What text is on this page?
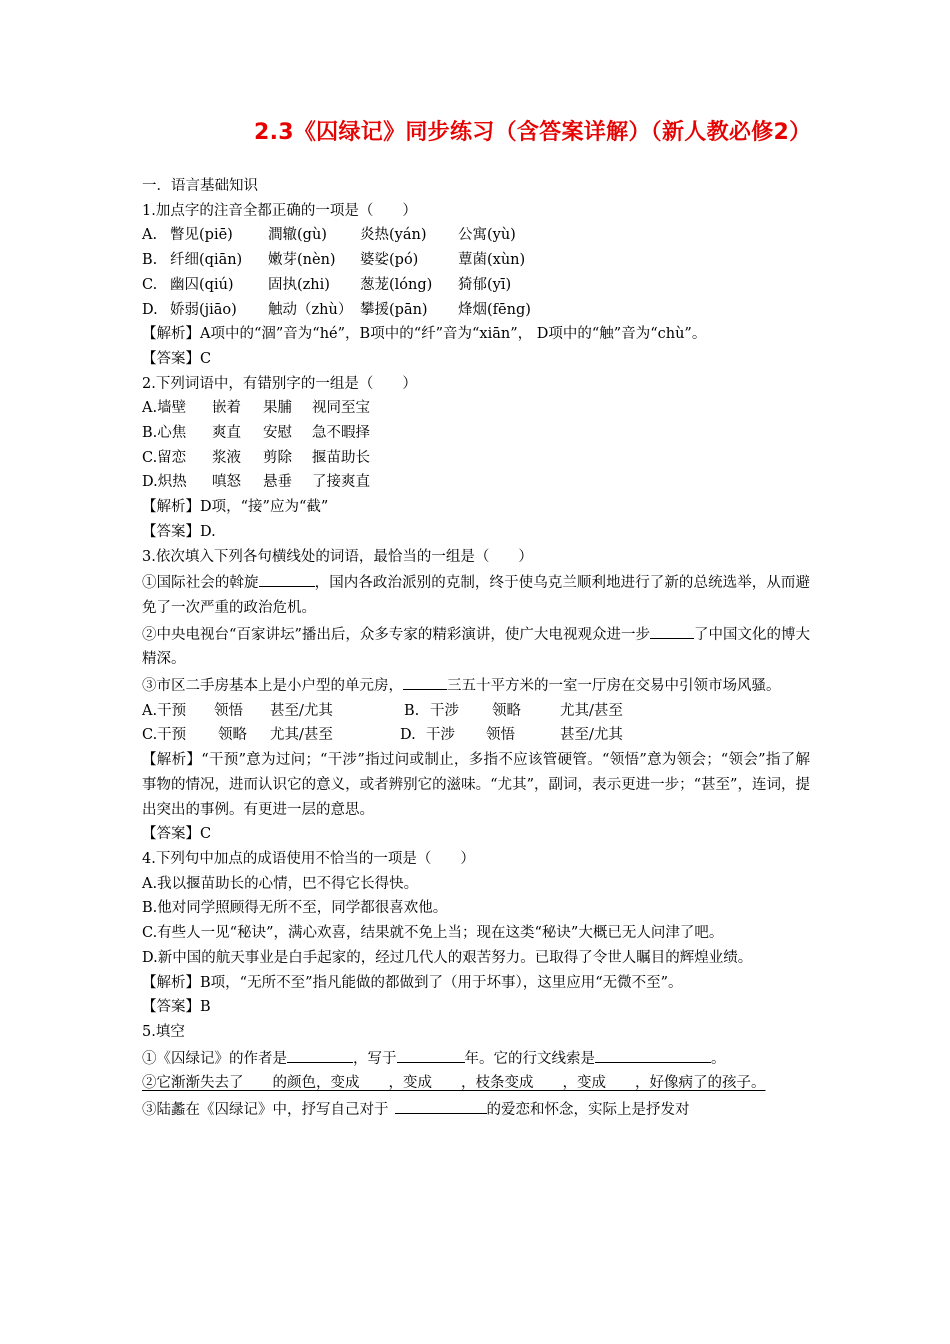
2.3《囚绿记》同步练习（含答案详解）（新人教必修2）
一．语言基础知识
1.加点字的注音全都正确的一项是（　　）
A. 瞥见(piē) 澗辙(gù) 炎热(yán) 公寓(yù)
B. 纤细(qiān) 嫩芽(nèn) 婆娑(pó)	蕈菌(xùn)
C. 幽囚(qiú) 固执(zhi) 葱茏(lóng) 猗郁(yī)
D. 娇弱(jiāo) 触动（zhù） 攀援(pān) 烽烟(fēng)
【解析】A项中的“涸”音为“hé”，B项中的“纤”音为“xiān”， D项中的“触”音为“chù”。
【答案】C
2.下列词语中，有错别字的一组是（　　）
A.墙壁 嵌着 果脯 视同至宝
B.心焦 爽直 安慰 急不暇择
C.留恋 浆液 剪除 揠苗助长
D.炽热 嗔怒 悬垂 了接爽直
【解析】D项，“接”应为“截”
【答案】D.
3.依次填入下列各句横线处的词语，最恰当的一组是（　　）
①国际社会的斡旋	，国内各政治派别的克制，终于使乌克兰顺利地进行了新的总统选举，从而避免了一次严重的政治危机。
②中央电视台“百家讲坛”播出后，众多专家的精彩演讲，使广大电视观众进一步	了中国文化的博大精深。
③市区二手房基本上是小户型的单元房，	三五十平方米的一室一厅房在交易中引领市场风骚。
A.干预 领悟 甚至/尤其	B. 干涉 领略	尤其/甚至
C.干预 领略 尤其/甚至	D. 干涉 领悟	甚至/尤其
【解析】“干预”意为过问；“干涉”指过问或制止，多指不应该管硬管。“领悟”意为领会；“领会”指了解事物的情况，进而认识它的意义，或者辨别它的滋味。“尤其”，副词，表示更进一步；“甚至”，连词，提出突出的事例。有更进一层的意思。
【答案】C
4.下列句中加点的成语使用不恰当的一项是（　　）
A.我以揠苗助长的心情，巴不得它长得快。
B.他对同学照顾得无所不至，同学都很喜欢他。
C.有些人一见“秘诀”，满心欢喜，结果就不免上当；现在这类“秘诀”大概已无人问津了吧。
D.新中国的航天事业是白手起家的，经过几代人的艰苦努力。已取得了令世人瞩目的辉煌业绩。
【解析】B项，“无所不至”指凡能做的都做到了（用于坏事），这里应用“无微不至”。
【答案】B
5.填空
①《囚绿记》的作者是	，写于	年。它的行文线索是	。
②它渐渐失去了　　的颜色，变成　　，变成　　，枝条变成　　，变成　　，好像病了的孩子。
③陆蠡在《囚绿记》中，抒写自己对于	的爱恋和怀念，实际上是抒发对
